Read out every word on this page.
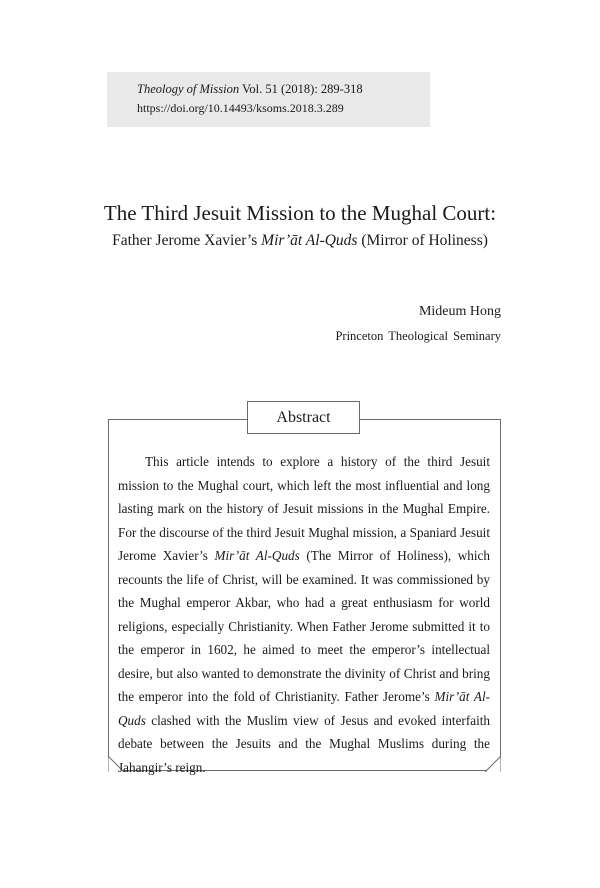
Theology of Mission Vol. 51 (2018): 289-318
https://doi.org/10.14493/ksoms.2018.3.289
The Third Jesuit Mission to the Mughal Court:
Father Jerome Xavier’s Mir’āt Al-Quds (Mirror of Holiness)
Mideum Hong
Princeton Theological Seminary
Abstract

This article intends to explore a history of the third Jesuit mission to the Mughal court, which left the most influential and long lasting mark on the history of Jesuit missions in the Mughal Empire. For the discourse of the third Jesuit Mughal mission, a Spaniard Jesuit Jerome Xavier’s Mir’āt Al-Quds (The Mirror of Holiness), which recounts the life of Christ, will be examined. It was commissioned by the Mughal emperor Akbar, who had a great enthusiasm for world religions, especially Christianity. When Father Jerome submitted it to the emperor in 1602, he aimed to meet the emperor’s intellectual desire, but also wanted to demonstrate the divinity of Christ and bring the emperor into the fold of Christianity. Father Jerome’s Mir’āt Al-Quds clashed with the Muslim view of Jesus and evoked interfaith debate between the Jesuits and the Mughal Muslims during the Jahangir’s reign.
